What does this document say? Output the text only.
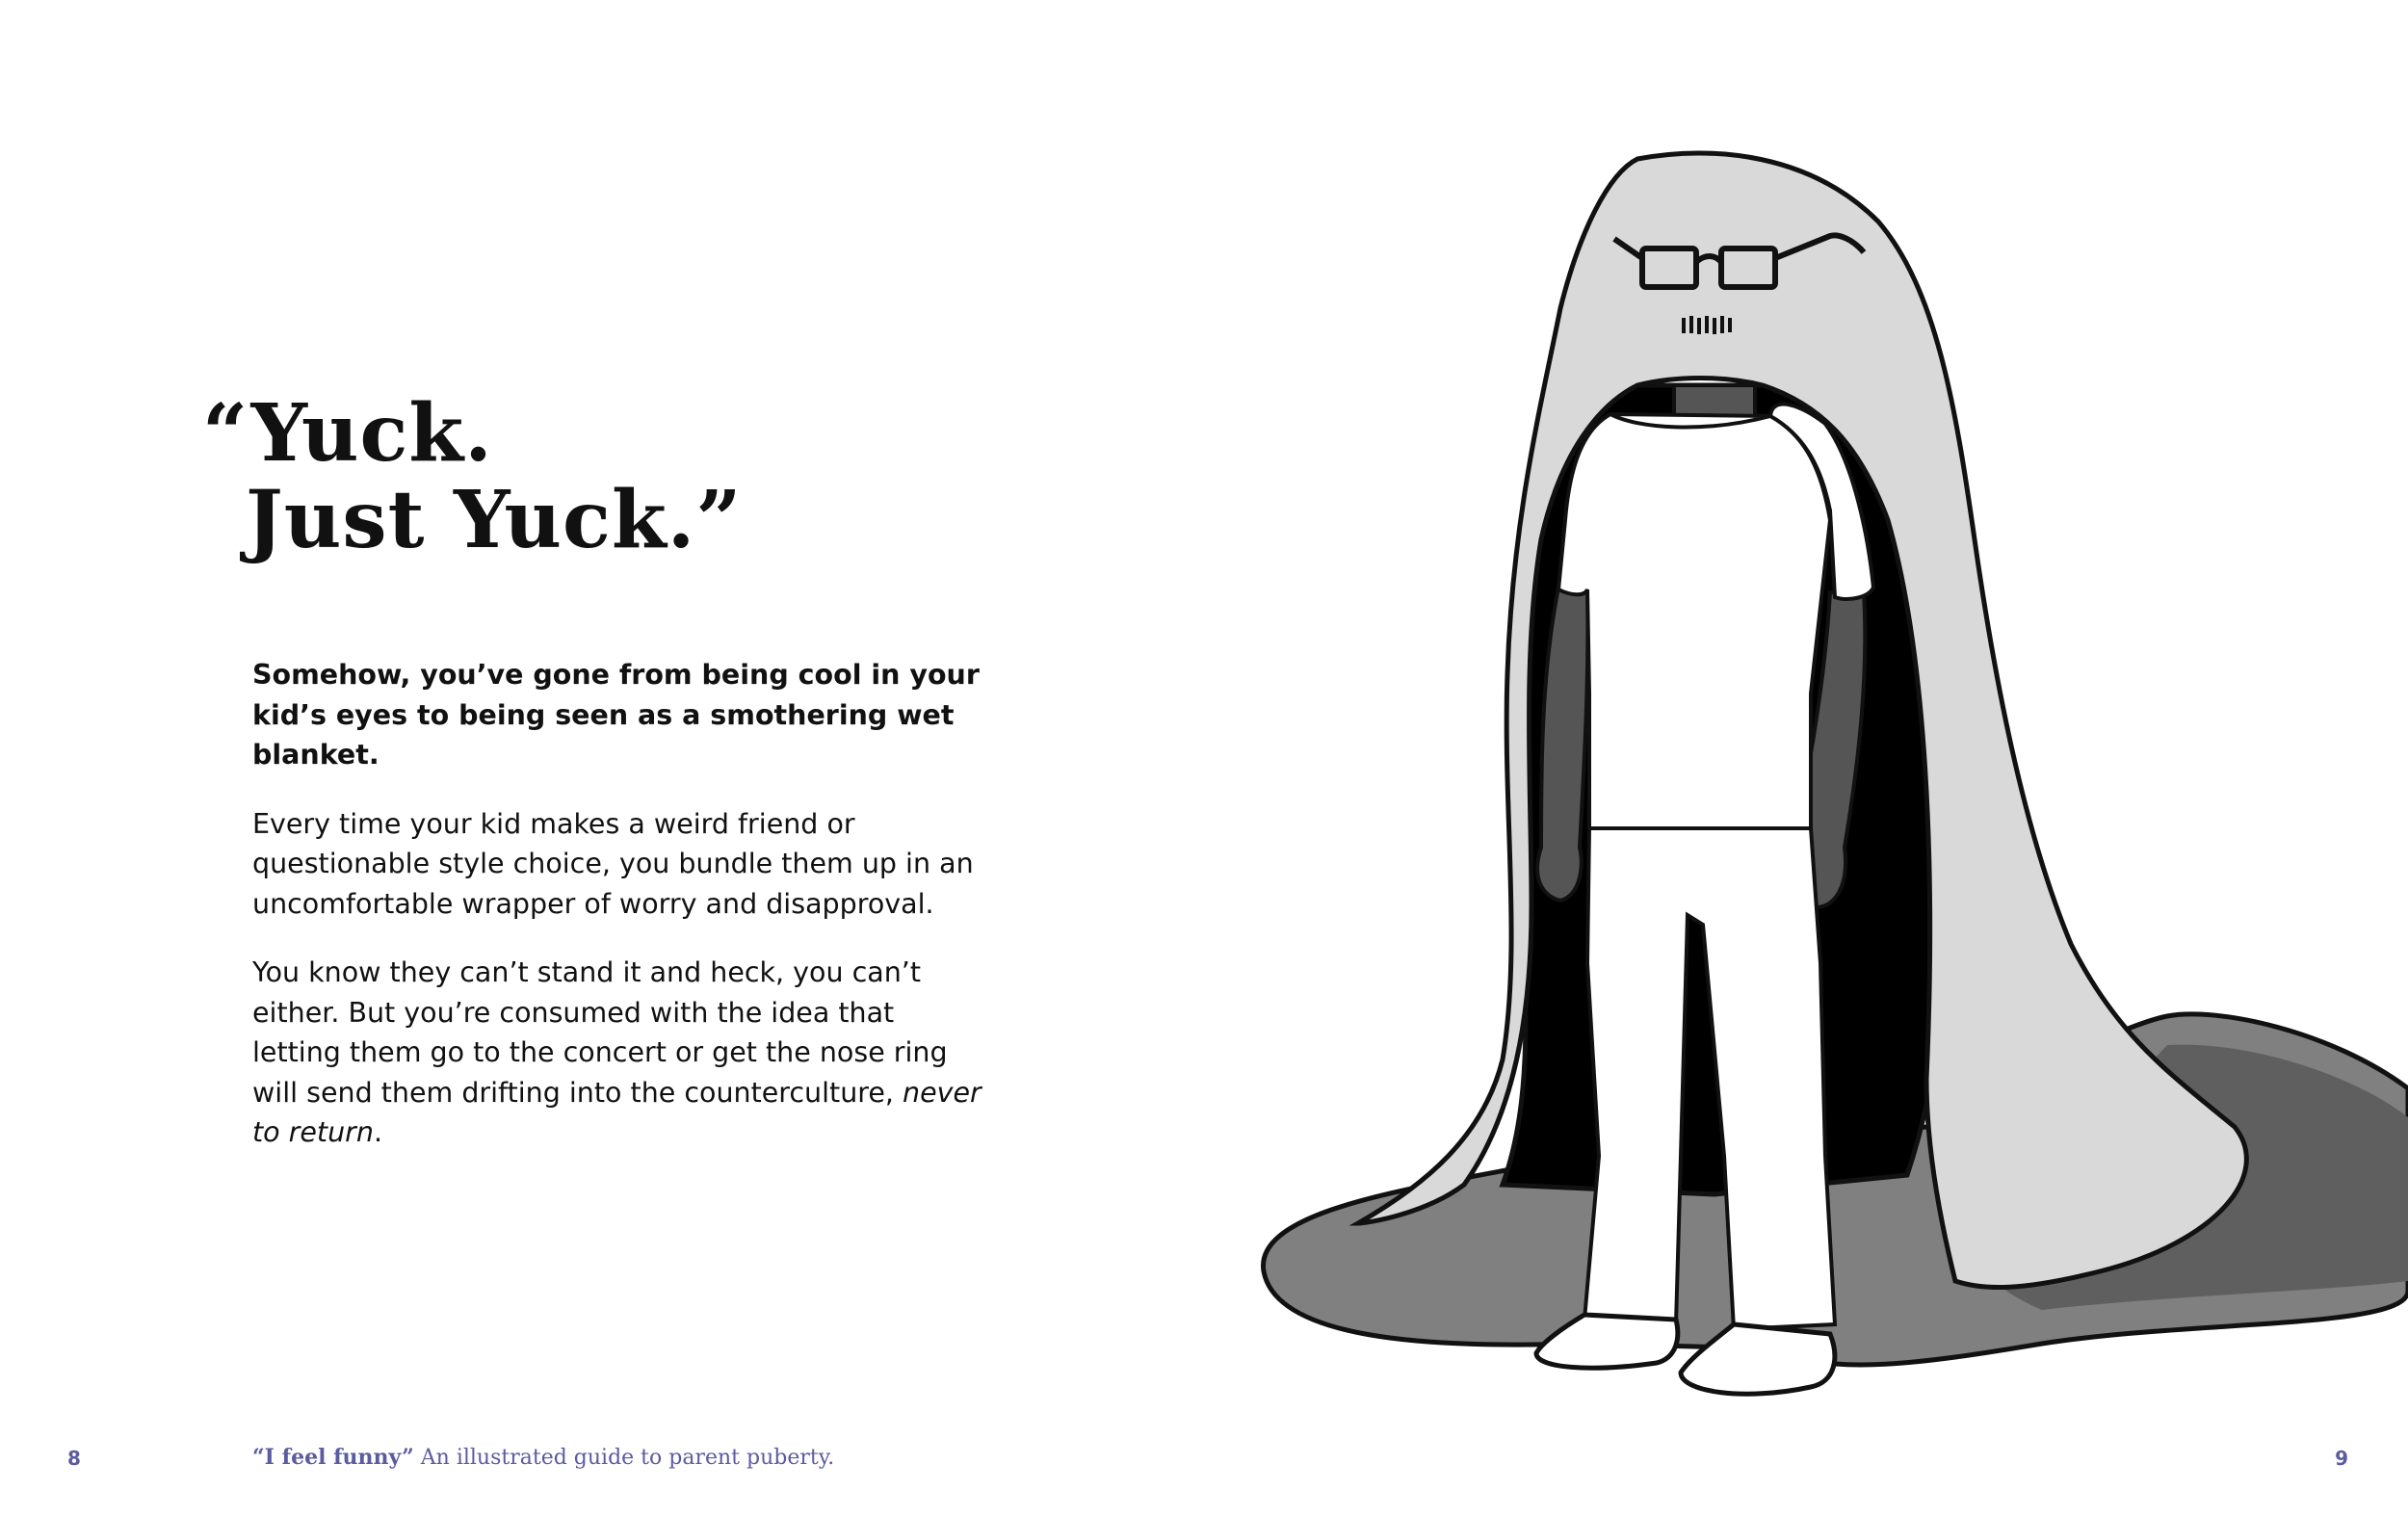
“Yuck.
Just Yuck.”

Somehow, you’ve gone from being cool in your kid’s eyes to being seen as a smothering wet blanket.

Every time your kid makes a weird friend or questionable style choice, you bundle them up in an uncomfortable wrapper of worry and disapproval.

You know they can’t stand it and heck, you can’t either. But you’re consumed with the idea that letting them go to the concert or get the nose ring will send them drifting into the counterculture, never to return.

8	“I feel funny” An illustrated guide to parent puberty.	9
